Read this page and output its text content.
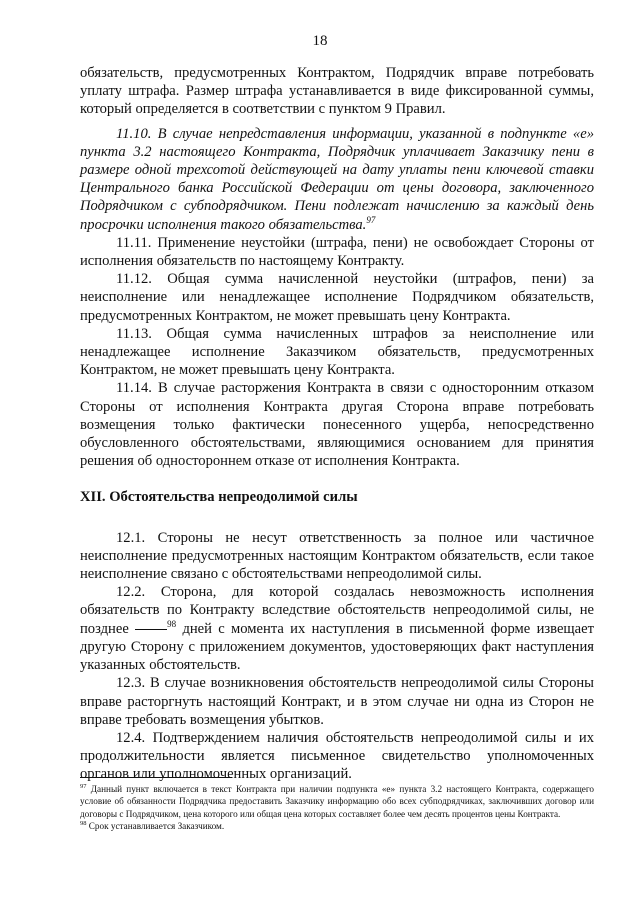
18

обязательств, предусмотренных Контрактом, Подрядчик вправе потребовать уплату штрафа. Размер штрафа устанавливается в виде фиксированной суммы, который определяется в соответствии с пунктом 9 Правил.

11.10. В случае непредставления информации, указанной в подпункте «е» пункта 3.2 настоящего Контракта, Подрядчик уплачивает Заказчику пени в размере одной трехсотой действующей на дату уплаты пени ключевой ставки Центрального банка Российской Федерации от цены договора, заключенного Подрядчиком с субподрядчиком. Пени подлежат начислению за каждый день просрочки исполнения такого обязательства.$^{97}$

11.11. Применение неустойки (штрафа, пени) не освобождает Стороны от исполнения обязательств по настоящему Контракту.

11.12. Общая сумма начисленной неустойки (штрафов, пени) за неисполнение или ненадлежащее исполнение Подрядчиком обязательств, предусмотренных Контрактом, не может превышать цену Контракта.

11.13. Общая сумма начисленных штрафов за неисполнение или ненадлежащее исполнение Заказчиком обязательств, предусмотренных Контрактом, не может превышать цену Контракта.

11.14. В случае расторжения Контракта в связи с односторонним отказом Стороны от исполнения Контракта другая Сторона вправе потребовать возмещения только фактически понесенного ущерба, непосредственно обусловленного обстоятельствами, являющимися основанием для принятия решения об одностороннем отказе от исполнения Контракта.

XII. Обстоятельства непреодолимой силы

12.1. Стороны не несут ответственность за полное или частичное неисполнение предусмотренных настоящим Контрактом обязательств, если такое неисполнение связано с обстоятельствами непреодолимой силы.

12.2. Сторона, для которой создалась невозможность исполнения обязательств по Контракту вследствие обстоятельств непреодолимой силы, не позднее	$^{98}$ дней с момента их наступления в письменной форме извещает другую Сторону с приложением документов, удостоверяющих факт наступления указанных обстоятельств.

12.3. В случае возникновения обстоятельств непреодолимой силы Стороны вправе расторгнуть настоящий Контракт, и в этом случае ни одна из Сторон не вправе требовать возмещения убытков.

12.4. Подтверждением наличия обстоятельств непреодолимой силы и их продолжительности является письменное свидетельство уполномоченных органов или уполномоченных организаций.

$^{97}$ Данный пункт включается в текст Контракта при наличии подпункта «е» пункта 3.2 настоящего Контракта, содержащего условие об обязанности Подрядчика предоставить Заказчику информацию обо всех субподрядчиках, заключивших договор или договоры с Подрядчиком, цена которого или общая цена которых составляет более чем десять процентов цены Контракта.

$^{98}$ Срок устанавливается Заказчиком.
